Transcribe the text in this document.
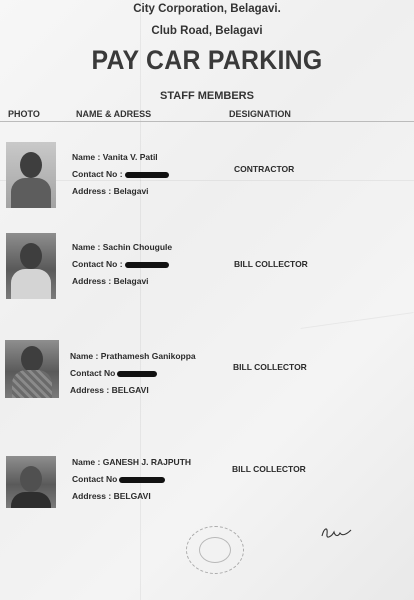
City Corporation, Belagavi.
Club Road, Belagavi
PAY CAR PARKING
STAFF MEMBERS
PHOTO	NAME & ADRESS	DESIGNATION
Name : Vanita V. Patil
Contact No :
Address : Belagavi
CONTRACTOR
Name : Sachin Chougule
Contact No :
Address : Belagavi
BILL COLLECTOR
Name : Prathamesh Ganikoppa
Contact No
Address : BELGAVI
BILL COLLECTOR
Name : GANESH J. RAJPUTH
Contact No
Address : BELGAVI
BILL COLLECTOR
